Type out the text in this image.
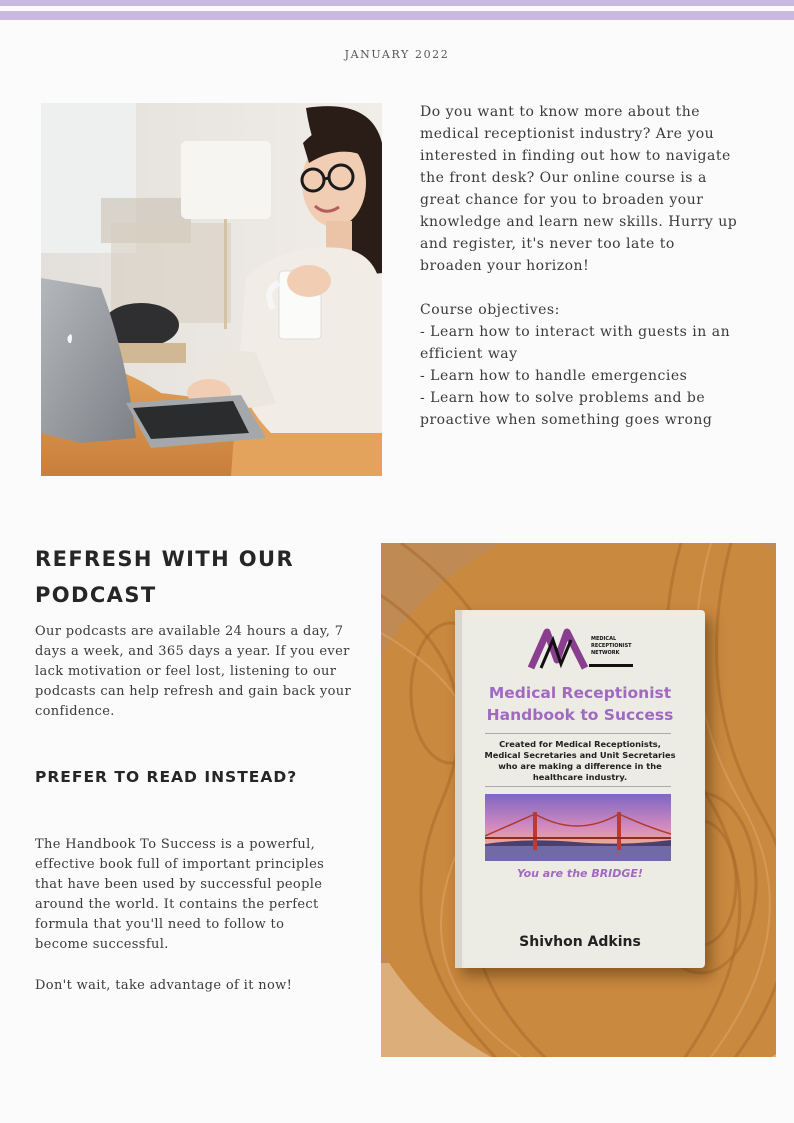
JANUARY 2022

Do you want to know more about the medical receptionist industry? Are you interested in finding out how to navigate the front desk? Our online course is a great chance for you to broaden your knowledge and learn new skills. Hurry up and register, it's never too late to broaden your horizon!

Course objectives:

- Learn how to interact with guests in an efficient way

- Learn how to handle emergencies

- Learn how to solve problems and be proactive when something goes wrong

REFRESH WITH OUR
PODCAST

Our podcasts are available 24 hours a day, 7 days a week, and 365 days a year. If you ever lack motivation or feel lost, listening to our podcasts can help refresh and gain back your confidence.

PREFER TO READ INSTEAD?

The Handbook To Success is a powerful, effective book full of important principles that have been used by successful people around the world. It contains the perfect formula that you'll need to follow to become successful.

Don't wait, take advantage of it now!

MEDICAL
RECEPTIONIST
NETWORK
Medical Receptionist
Handbook to Success
Created for Medical Receptionists,
Medical Secretaries and Unit Secretaries
who are making a difference in the
healthcare industry.
You are the BRIDGE!
Shivhon Adkins
